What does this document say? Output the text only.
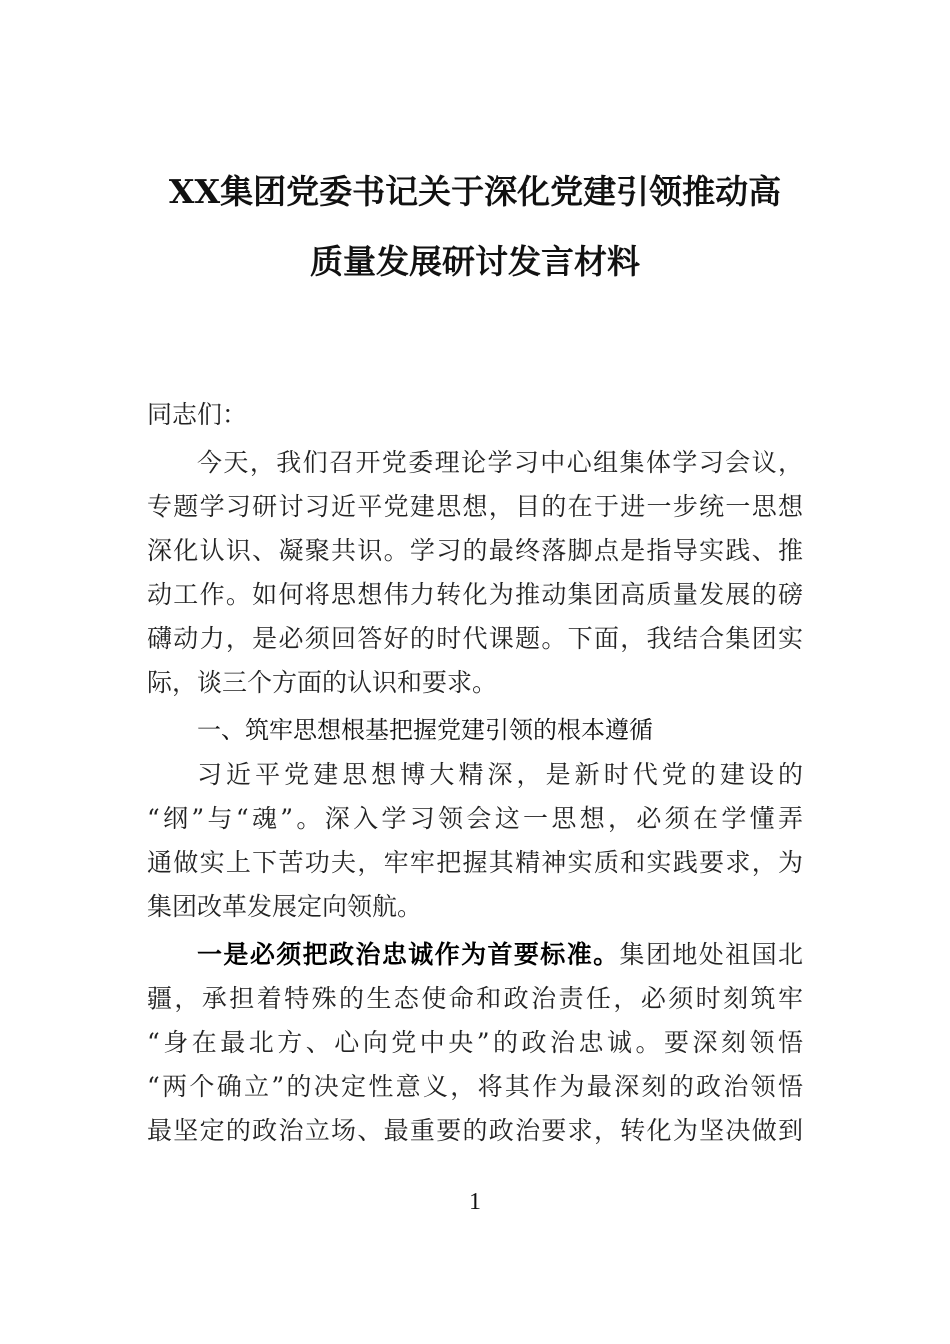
XX集团党委书记关于深化党建引领推动高
质量发展研讨发言材料
同志们：
今天，我们召开党委理论学习中心组集体学习会议，
专题学习研讨习近平党建思想，目的在于进一步统一思想
深化认识、凝聚共识。学习的最终落脚点是指导实践、推
动工作。如何将思想伟力转化为推动集团高质量发展的磅
礴动力，是必须回答好的时代课题。下面，我结合集团实
际，谈三个方面的认识和要求。
一、筑牢思想根基把握党建引领的根本遵循
习近平党建思想博大精深，是新时代党的建设的
“纲”与“魂”。深入学习领会这一思想，必须在学懂弄
通做实上下苦功夫，牢牢把握其精神实质和实践要求，为
集团改革发展定向领航。
一是必须把政治忠诚作为首要标准。集团地处祖国北
疆，承担着特殊的生态使命和政治责任，必须时刻筑牢
“身在最北方、心向党中央”的政治忠诚。要深刻领悟
“两个确立”的决定性意义，将其作为最深刻的政治领悟
最坚定的政治立场、最重要的政治要求，转化为坚决做到
1
